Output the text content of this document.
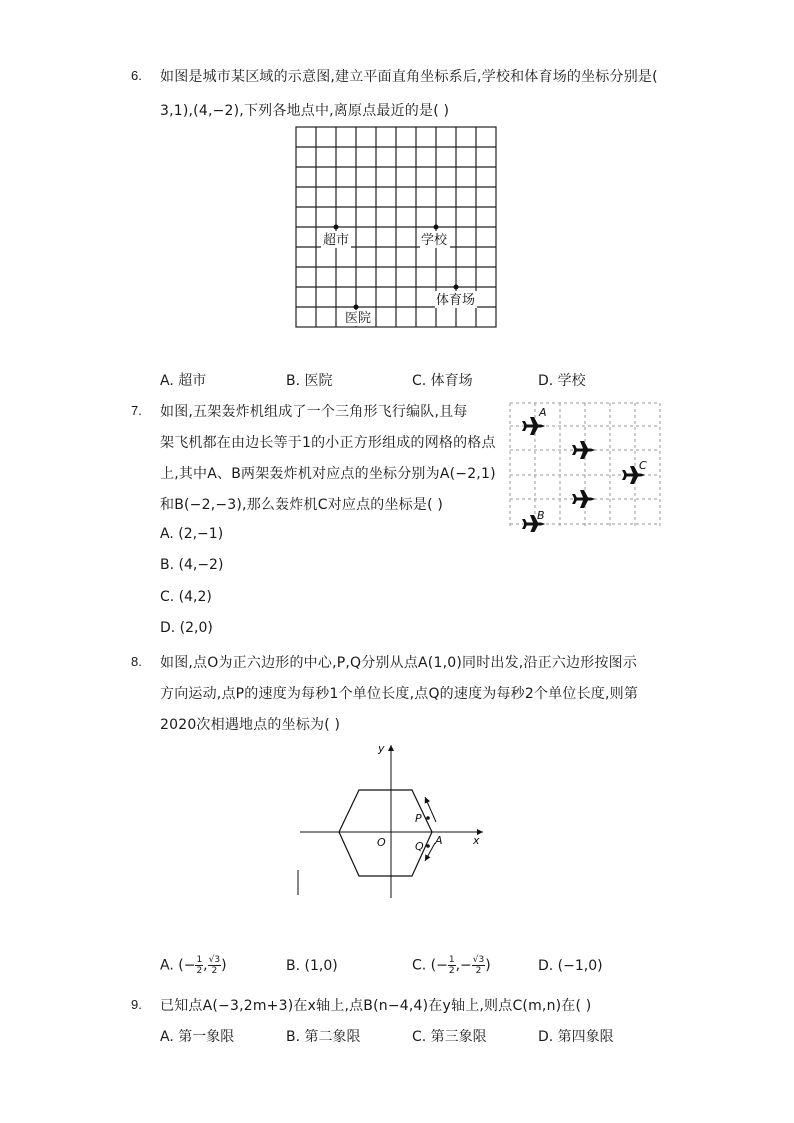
6. 如图是城市某区域的示意图,建立平面直角坐标系后,学校和体育场的坐标分别是(
3,1),(4,−2),下列各地点中,离原点最近的是( )
超市	学校
体育场
医院
A. 超市	B. 医院	C. 体育场	D. 学校
7. 如图,五架轰炸机组成了一个三角形飞行编队,且每
架飞机都在由边长等于1的小正方形组成的网格的格点
上,其中A、B两架轰炸机对应点的坐标分别为A(−2,1)
和B(−2,−3),那么轰炸机C对应点的坐标是( )
A
C
B
A. (2,−1)
B. (4,−2)
C. (4,2)
D. (2,0)
8. 如图,点O为正六边形的中心,P,Q分别从点A(1,0)同时出发,沿正六边形按图示
方向运动,点P的速度为每秒1个单位长度,点Q的速度为每秒2个单位长度,则第
2020次相遇地点的坐标为( )
y
x
O
P
Q A
A. (− $\frac{1}{2}$ , $\frac{√3}{2}$ )	B. (1,0)	C. (− $\frac{1}{2}$ ,− $\frac{√3}{2}$ )	D. (−1,0)
9. 已知点A(−3,2m+3)在x轴上,点B(n−4,4)在y轴上,则点C(m,n)在( )
A. 第一象限	B. 第二象限	C. 第三象限	D. 第四象限
